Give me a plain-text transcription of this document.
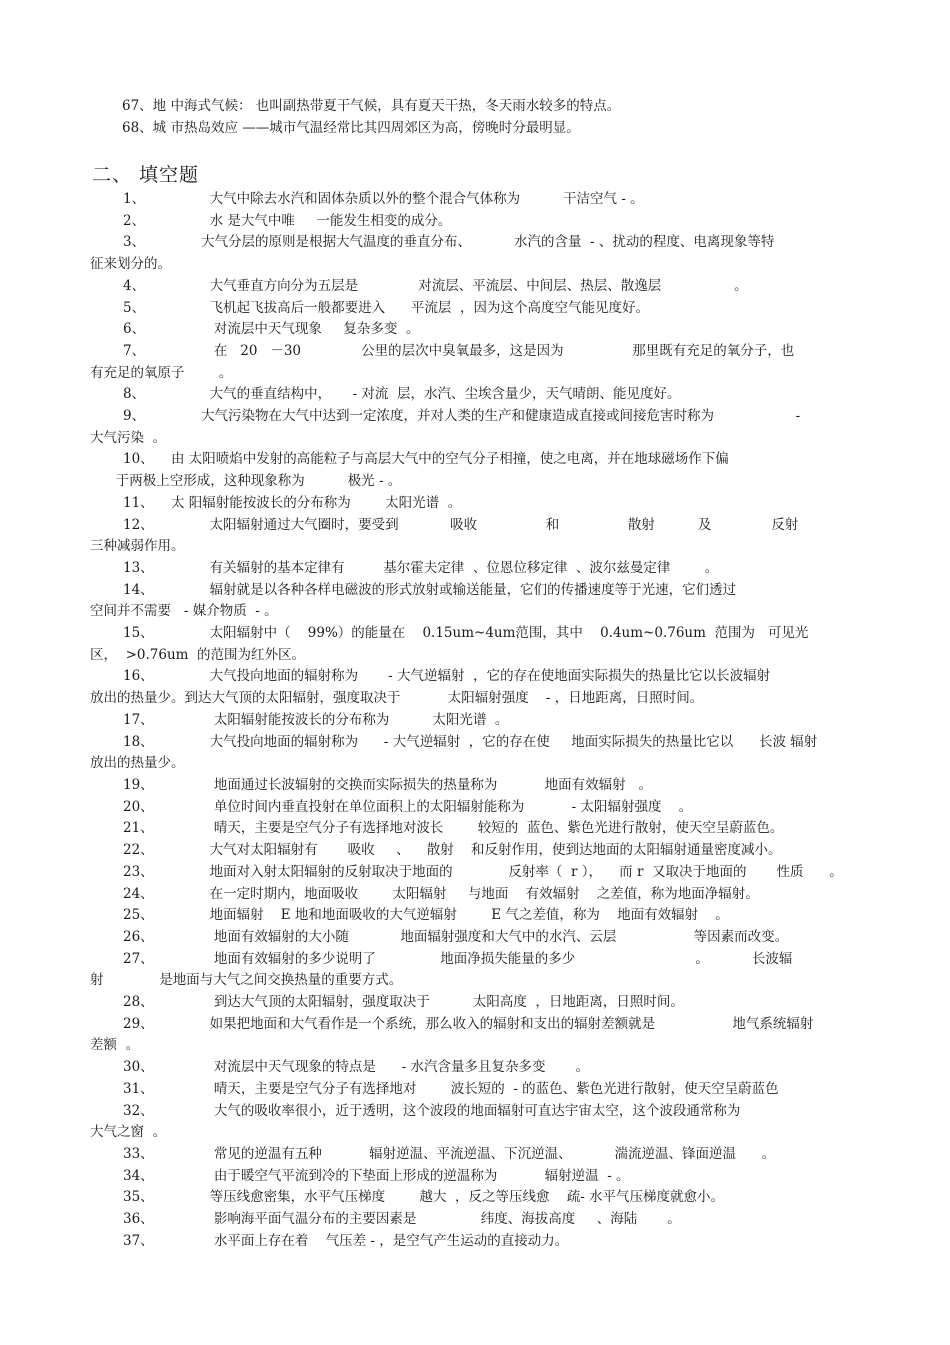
67、地 中海式气候： 也叫副热带夏干气候，具有夏天干热，冬天雨水较多的特点。
68、城 市热岛效应 ——城市气温经常比其四周郊区为高，傍晚时分最明显。
二、 填空题
1、         大气中除去水汽和固体杂质以外的整个混合气体称为          干洁空气 - 。
2、         水 是大气中唯     一能发生相变的成分。
3、       大气分层的原则是根据大气温度的垂直分布、          水汽的含量  - 、扰动的程度、电离现象等特
征来划分的。
4、         大气垂直方向分为五层是              对流层、平流层、中间层、热层、散逸层                 。
5、         飞机起飞拔高后一般都要进入      平流层  ，因为这个高度空气能见度好。
6、          对流层中天气现象     复杂多变  。
7、          在   20   －30              公里的层次中臭氧最多，这是因为                那里既有充足的氧分子，也
有充足的氧原子        。
8、         大气的垂直结构中，     - 对流  层，水汽、尘埃含量少，天气晴朗、能见度好。
9、       大气污染物在大气中达到一定浓度，并对人类的生产和健康造成直接或间接危害时称为                   -
大气污染  。
10、 由 太阳喷焰中发射的高能粒子与高层大气中的空气分子相撞，使之电离，并在地球磁场作下偏
于两极上空形成，这种现象称为          极光 - 。
11、 太 阳辐射能按波长的分布称为        太阳光谱  。
12、         太阳辐射通过大气圈时，要受到            吸收                和                散射          及              反射
三种减弱作用。
13、         有关辐射的基本定律有         基尔霍夫定律  、位恩位移定律  、波尔兹曼定律        。
14、         辐射就是以各种各样电磁波的形式放射或输送能量，它们的传播速度等于光速，它们透过
空间并不需要   - 媒介物质  - 。
15、         太阳辐射中（    99%）的能量在    0.15um~4um范围，其中    0.4um~0.76um  范围为   可见光
区，  >0.76um  的范围为红外区。
16、         大气投向地面的辐射称为       - 大气逆辐射  ，它的存在使地面实际损失的热量比它以长波辐射
放出的热量少。到达大气顶的太阳辐射，强度取决于           太阳辐射强度    - ，日地距离，日照时间。
17、          太阳辐射能按波长的分布称为          太阳光谱  。
18、         大气投向地面的辐射称为      - 大气逆辐射  ，它的存在使     地面实际损失的热量比它以      长波 辐射
放出的热量少。
19、          地面通过长波辐射的交换而实际损失的热量称为           地面有效辐射   。
20、          单位时间内垂直投射在单位面积上的太阳辐射能称为           - 太阳辐射强度    。
21、          晴天，主要是空气分子有选择地对波长        较短的  蓝色、紫色光进行散射，使天空呈蔚蓝色。
22、         大气对太阳辐射有       吸收     、    散射    和反射作用，使到达地面的太阳辐射通量密度减小。
23、         地面对入射太阳辐射的反射取决于地面的             反射率（  r ），    而 r  又取决于地面的       性质      。
24、         在一定时期内，地面吸收        太阳辐射     与地面    有效辐射    之差值，称为地面净辐射。
25、         地面辐射    E 地和地面吸收的大气逆辐射        E 气之差值，称为    地面有效辐射    。
26、          地面有效辐射的大小随            地面辐射强度和大气中的水汽、云层                  等因素而改变。
27、          地面有效辐射的多少说明了               地面净损失能量的多少                            。          长波辐
射             是地面与大气之间交换热量的重要方式。
28、          到达大气顶的太阳辐射，强度取决于          太阳高度  ，日地距离，日照时间。
29、         如果把地面和大气看作是一个系统，那么收入的辐射和支出的辐射差额就是                  地气系统辐射
差额  。
30、          对流层中天气现象的特点是      - 水汽含量多且复杂多变       。
31、          晴天，主要是空气分子有选择地对        波长短的  - 的蓝色、紫色光进行散射，使天空呈蔚蓝色
32、          大气的吸收率很小，近于透明，这个波段的地面辐射可直达宇宙太空，这个波段通常称为
大气之窗  。
33、          常见的逆温有五种           辐射逆温、平流逆温、下沉逆温、          湍流逆温、锋面逆温      。
34、          由于暖空气平流到冷的下垫面上形成的逆温称为           辐射逆温  - 。
35、         等压线愈密集，水平气压梯度        越大  ，反之等压线愈    疏- 水平气压梯度就愈小。
36、          影响海平面气温分布的主要因素是               纬度、海拔高度     、海陆       。
37、          水平面上存在着    气压差 - ，是空气产生运动的直接动力。
